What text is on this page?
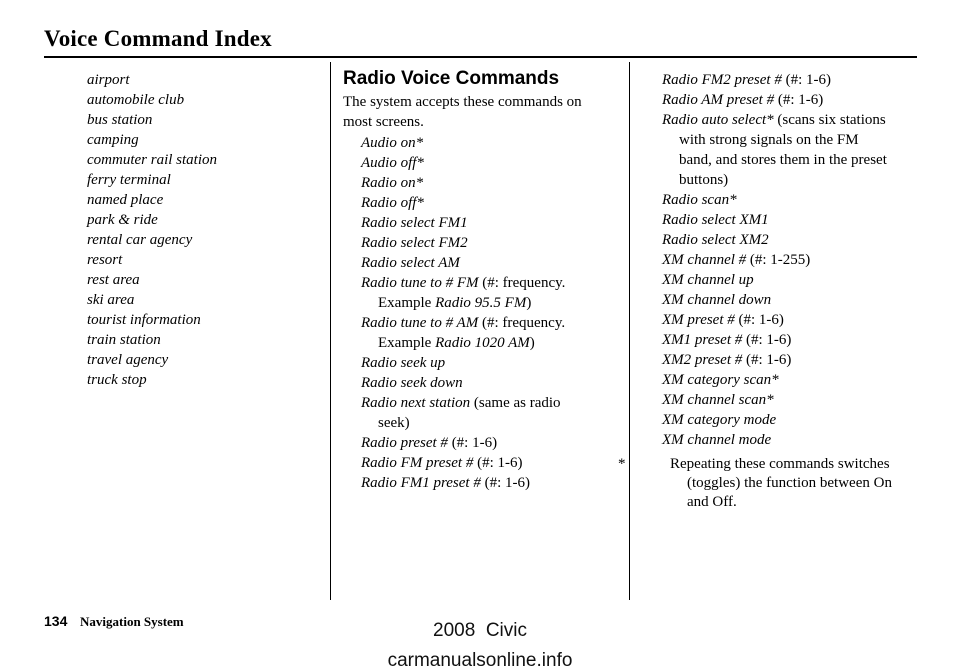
Voice Command Index
airport
automobile club
bus station
camping
commuter rail station
ferry terminal
named place
park & ride
rental car agency
resort
rest area
ski area
tourist information
train station
travel agency
truck stop
Radio Voice Commands
The system accepts these commands on
most screens.
Audio on*
Audio off*
Radio on*
Radio off*
Radio select FM1
Radio select FM2
Radio select AM
Radio tune to # FM (#: frequency.
Example Radio 95.5 FM)
Radio tune to # AM (#: frequency.
Example Radio 1020 AM)
Radio seek up
Radio seek down
Radio next station (same as radio
seek)
Radio preset # (#: 1-6)
Radio FM preset # (#: 1-6)
Radio FM1 preset # (#: 1-6)
Radio FM2 preset # (#: 1-6)
Radio AM preset # (#: 1-6)
Radio auto select* (scans six stations
with strong signals on the FM
band, and stores them in the preset
buttons)
Radio scan*
Radio select XM1
Radio select XM2
XM channel # (#: 1-255)
XM channel up
XM channel down
XM preset # (#: 1-6)
XM1 preset # (#: 1-6)
XM2 preset # (#: 1-6)
XM category scan*
XM channel scan*
XM category mode
XM channel mode
*	Repeating these commands switches
(toggles) the function between On
and Off.
134 Navigation System	2008  Civic
carmanualsonline.info
